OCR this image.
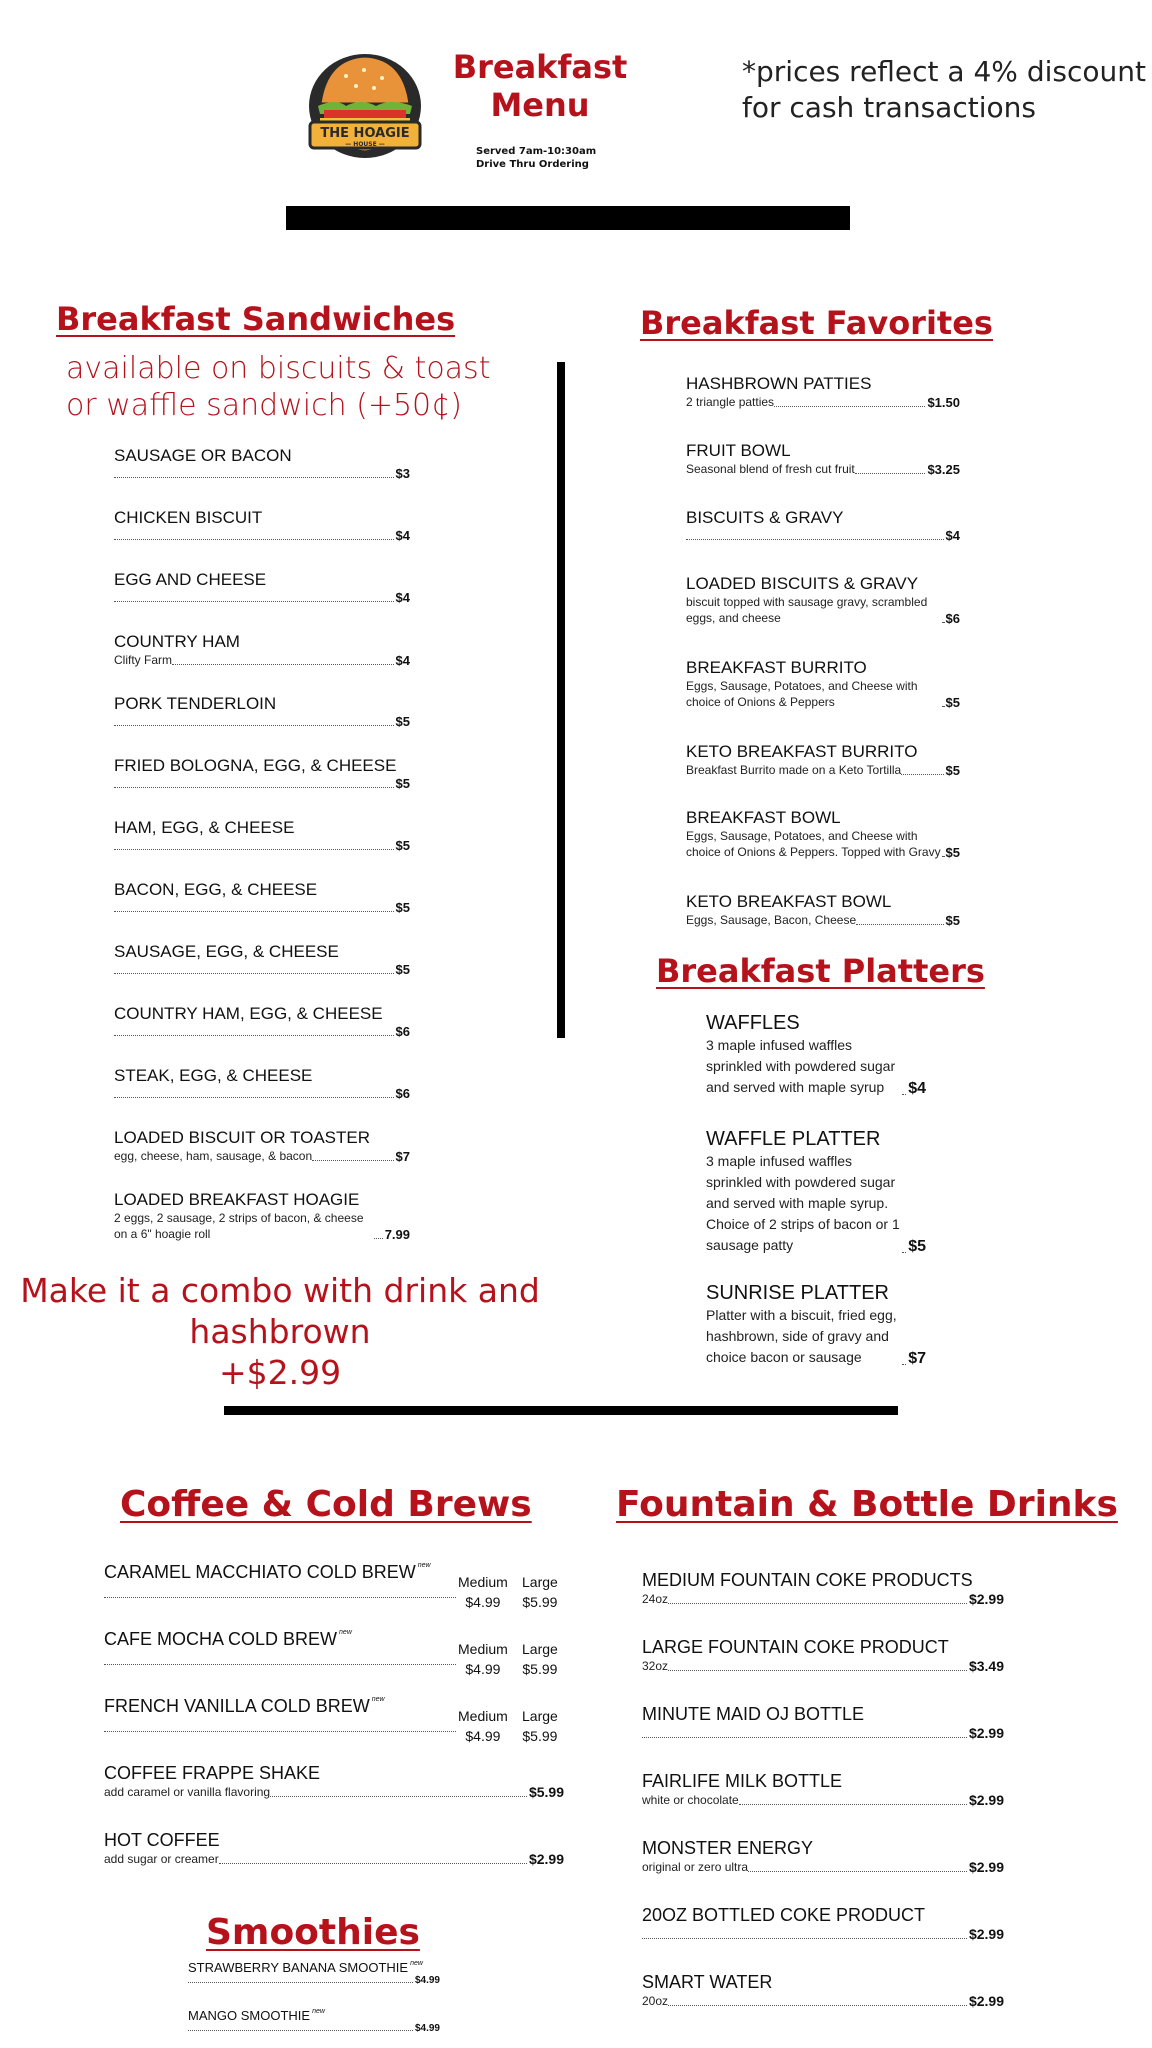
THE HOAGIE
— HOUSE —
Breakfast
Menu
Served 7am-10:30am
Drive Thru Ordering
*prices reflect a 4% discount
for cash transactions
Breakfast Sandwiches
available on biscuits & toast
or waffle sandwich (+50¢)
SAUSAGE OR BACON
$3
CHICKEN BISCUIT
$4
EGG AND CHEESE
$4
COUNTRY HAM
Clifty Farm	$4
PORK TENDERLOIN
$5
FRIED BOLOGNA, EGG, & CHEESE
$5
HAM, EGG, & CHEESE
$5
BACON, EGG, & CHEESE
$5
SAUSAGE, EGG, & CHEESE
$5
COUNTRY HAM, EGG, & CHEESE
$6
STEAK, EGG, & CHEESE
$6
LOADED BISCUIT OR TOASTER
egg, cheese, ham, sausage, & bacon	$7
LOADED BREAKFAST HOAGIE
2 eggs, 2 sausage, 2 strips of bacon, & cheese on a 6" hoagie roll	7.99
Make it a combo with drink and
hashbrown
+$2.99
Breakfast Favorites
HASHBROWN PATTIES
2 triangle patties	$1.50
FRUIT BOWL
Seasonal blend of fresh cut fruit	$3.25
BISCUITS & GRAVY
$4
LOADED BISCUITS & GRAVY
biscuit topped with sausage gravy, scrambled eggs, and cheese	$6
BREAKFAST BURRITO
Eggs, Sausage, Potatoes, and Cheese with choice of Onions & Peppers	$5
KETO BREAKFAST BURRITO
Breakfast Burrito made on a Keto Tortilla	$5
BREAKFAST BOWL
Eggs, Sausage, Potatoes, and Cheese with choice of Onions & Peppers. Topped with Gravy $5
KETO BREAKFAST BOWL
Eggs, Sausage, Bacon, Cheese	$5
Breakfast Platters
WAFFLES
3 maple infused waffles sprinkled with powdered sugar and served with maple syrup	$4
WAFFLE PLATTER
3 maple infused waffles sprinkled with powdered sugar and served with maple syrup. Choice of 2 strips of bacon or 1 sausage patty	$5
SUNRISE PLATTER
Platter with a biscuit, fried egg, hashbrown, side of gravy and choice bacon or sausage	$7
Coffee & Cold Brews
CARAMEL MACCHIATO COLD BREW $^{new}$
Medium
$4.99
Large
$5.99
CAFE MOCHA COLD BREW $^{new}$
Medium
$4.99
Large
$5.99
FRENCH VANILLA COLD BREW $^{new}$
Medium
$4.99
Large
$5.99
COFFEE FRAPPE SHAKE
add caramel or vanilla flavoring	$5.99
HOT COFFEE
add sugar or creamer	$2.99
Smoothies
STRAWBERRY BANANA SMOOTHIE $^{new}$
$4.99
MANGO SMOOTHIE $^{new}$
$4.99
Fountain & Bottle Drinks
MEDIUM FOUNTAIN COKE PRODUCTS
24oz	$2.99
LARGE FOUNTAIN COKE PRODUCT
32oz	$3.49
MINUTE MAID OJ BOTTLE
$2.99
FAIRLIFE MILK BOTTLE
white or chocolate	$2.99
MONSTER ENERGY
original or zero ultra	$2.99
20OZ BOTTLED COKE PRODUCT
$2.99
SMART WATER
20oz	$2.99
